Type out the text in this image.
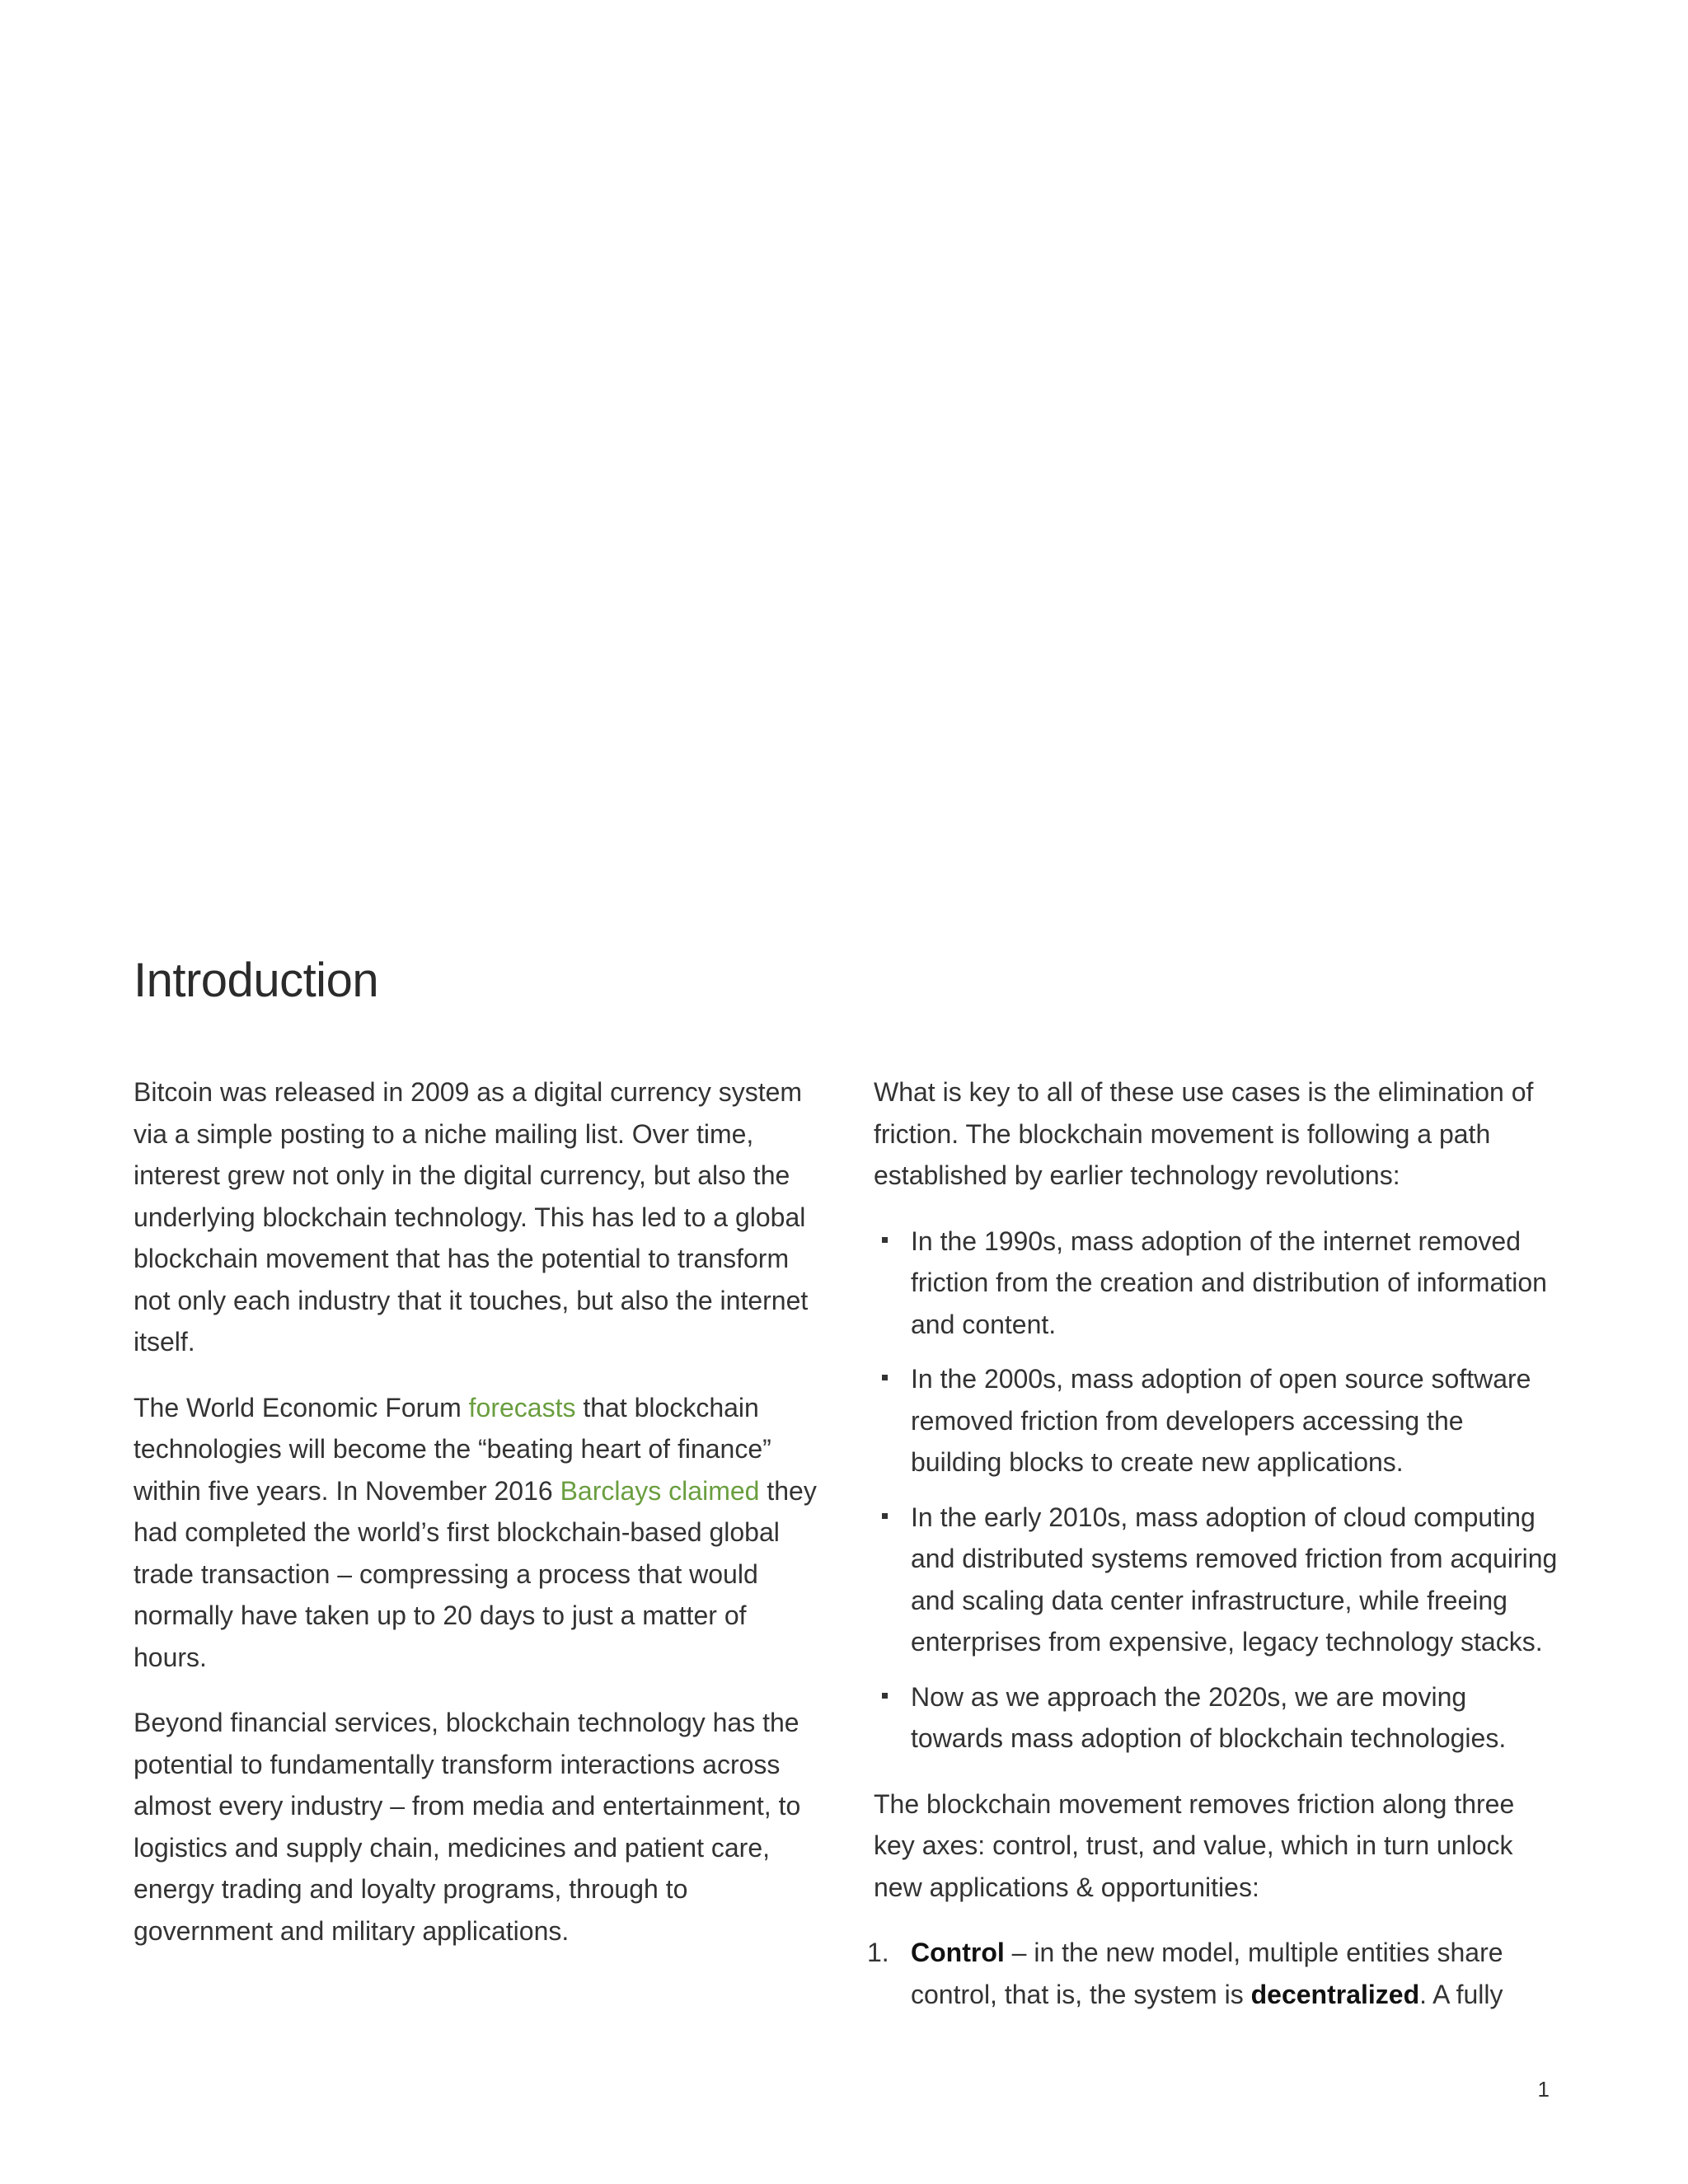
Introduction

Bitcoin was released in 2009 as a digital currency system via a simple posting to a niche mailing list. Over time, interest grew not only in the digital currency, but also the underlying blockchain technology. This has led to a global blockchain movement that has the potential to transform not only each industry that it touches, but also the internet itself.

The World Economic Forum forecasts that blockchain technologies will become the “beating heart of finance” within five years. In November 2016 Barclays claimed they had completed the world’s first blockchain-based global trade transaction – compressing a process that would normally have taken up to 20 days to just a matter of hours.

Beyond financial services, blockchain technology has the potential to fundamentally transform interactions across almost every industry – from media and entertainment, to logistics and supply chain, medicines and patient care, energy trading and loyalty programs, through to government and military applications.

What is key to all of these use cases is the elimination of friction. The blockchain movement is following a path established by earlier technology revolutions:

In the 1990s, mass adoption of the internet removed friction from the creation and distribution of information and content.
In the 2000s, mass adoption of open source software removed friction from developers accessing the building blocks to create new applications.
In the early 2010s, mass adoption of cloud computing and distributed systems removed friction from acquiring and scaling data center infrastructure, while freeing enterprises from expensive, legacy technology stacks.
Now as we approach the 2020s, we are moving towards mass adoption of blockchain technologies.

The blockchain movement removes friction along three key axes: control, trust, and value, which in turn unlock new applications & opportunities:

1. Control – in the new model, multiple entities share control, that is, the system is decentralized. A fully
1
